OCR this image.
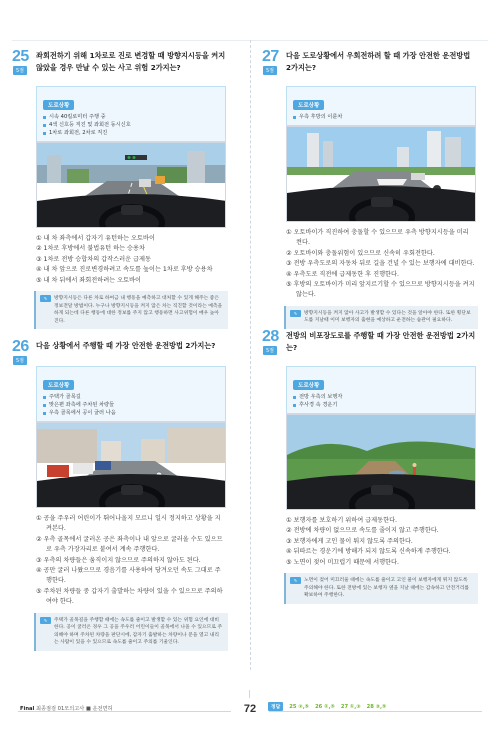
25
5점
좌회전하기 위해 1차로로 진로 변경할 때 방향지시등을 켜지 않았을 경우 만날 수 있는 사고 위험 2가지는?
도로상황
시속 40킬로미터 주행 중
4색 신호등 직진 및 좌회전 동시신호
1차로 좌회전, 2차로 직진
① 내 차 좌측에서 갑자기 유턴하는 오토바이
② 1차로 후방에서 불법유턴 하는 승용차
③ 1차로 전방 승합차의 갑작스러운 급제동
④ 내 차 앞으로 진로변경하려고 속도를 높이는 1차로 후방 승용차
⑤ 내 차 뒤에서 좌회전하려는 오토바이
✎	방향지시등은 다른 차로 하여금 내 행동을 예측하고 대처할 수 있게 해주는 좋은 정보전달 방법이다. 누구나 방향지시등을 켜지 않은 차는 직진할 것이라는 예측을 하게 되는데 다른 행동에 대한 정보를 주지 않고 행동하면 사고위험이 매우 높아진다.
26
5점
다음 상황에서 주행할 때 가장 안전한 운전방법 2가지는?
도로상황
주택가 골목길
맞은편 좌측에 주차된 차량들
우측 골목에서 공이 굴러 나옴
① 공을 주우러 어린이가 뛰어나올지 모르니 일시 정지하고 상황을 지켜본다.
② 우측 골목에서 굴러온 공은 좌측이나 내 앞으로 굴러올 수도 있으므로 우측 가장자리로 붙여서 계속 주행한다.
③ 우측의 차량들은 움직이지 않으므로 주의하지 않아도 된다.
④ 공만 굴러 나왔으므로 경음기를 사용하여 당겨오던 속도 그대로 주행한다.
⑤ 주차된 차량들 중 갑자기 출발하는 차량이 있을 수 있으므로 주의하여야 한다.
✎	주택가 골목길을 주행할 때에는 속도를 줄이고 발생할 수 있는 위험 요인에 대비한다. 공이 굴러온 경우 그 공을 주우러 어린이들이 골목에서 나올 수 있으므로 주의해야 하며 주차된 차량을 판단시에, 갑자기 출발하는 차량이나 문을 열고 내리는 사람이 있을 수 있으므로 속도를 줄이고 주의를 기울인다.
27
5점
다음 도로상황에서 우회전하려 할 때 가장 안전한 운전방법 2가지는?
도로상황
우측 후방의 이륜차
① 오토바이가 직진하여 충돌할 수 있으므로 우측 방향지시등을 미리 켠다.
② 오토바이와 충돌위험이 있으므로 신속히 우회전한다.
③ 전방 우측도로의 자동차 뒤로 길을 건널 수 있는 보행자에 대비한다.
④ 우측도로 직전에 급제동한 후 진행한다.
⑤ 후방의 오토바이가 미리 앞지르기할 수 있으므로 방향지시등을 켜지 않는다.
✎	방향지시등을 켜지 않아 사고가 발생할 수 있다는 것을 알아야 한다. 또한 횡단보도를 지날때 이미 보행자의 출현을 예상하고 운전하는 습관이 필요하다.
28
5점
전방의 비포장도로를 주행할 때 가장 안전한 운전방법 2가지는?
도로상황
전방 우측의 보행자
후사경 속 경운기
① 보행자를 보호하기 위하여 급제동한다.
② 전방에 차량이 없으므로 속도를 줄이지 않고 주행한다.
③ 보행자에게 고인 물이 튀지 않도록 주의한다.
④ 뒤따르는 경운기에 방해가 되지 않도록 신속하게 주행한다.
⑤ 노면이 젖어 미끄럽기 때문에 서행한다.
✎	노면이 젖어 미끄러울 때에는 속도를 줄이고 고인 물이 보행자에게 튀지 않도록 주의해야 한다. 또한 전방에 있는 보행자 옆을 지날 때에는 감속하고 안전거리를 확보하여 주행한다.
72
Final 최종점검 01모의고사 ■ 운전면허	정답	25 ②,⑤ 26 ①,⑤ 27 ①,③ 28 ③,⑤
